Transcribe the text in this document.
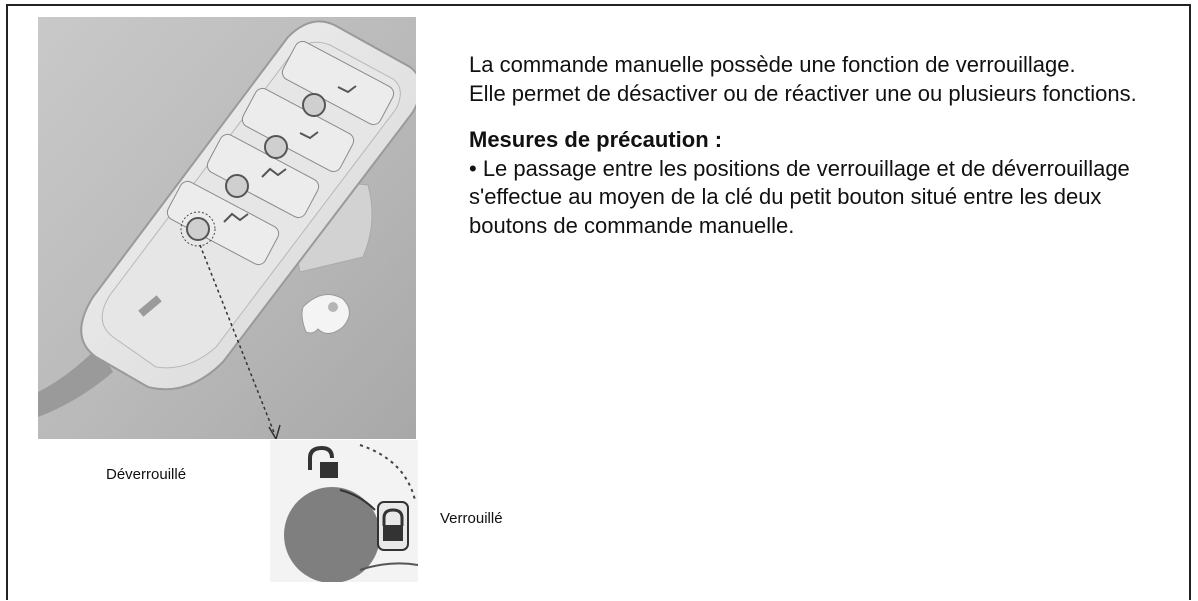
Déverrouillé
Verrouillé

La commande manuelle possède une fonction de verrouillage.

Elle permet de désactiver ou de réactiver une ou plusieurs fonctions.

Mesures de précaution :

• Le passage entre les positions de verrouillage et de déverrouillage s'effectue au moyen de la clé du petit bouton situé entre les deux boutons de commande manuelle.
